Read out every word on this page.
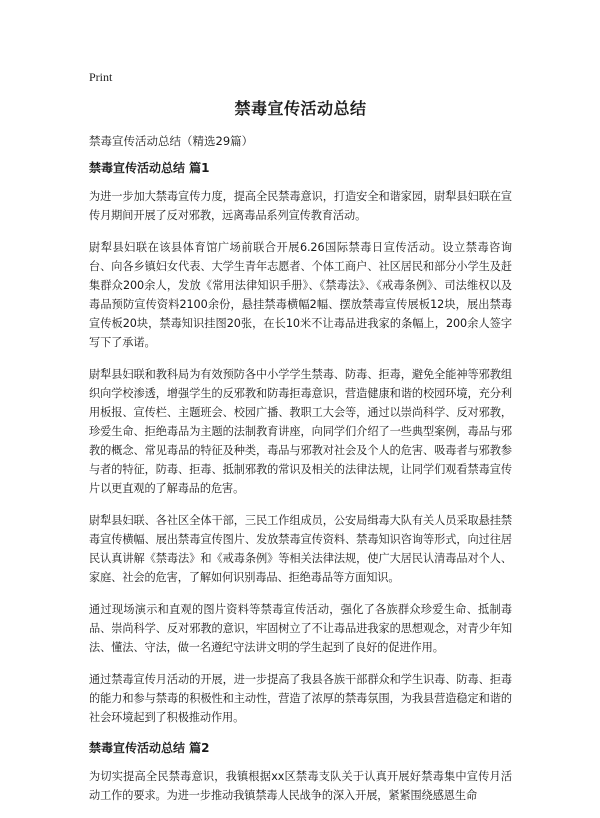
Print
禁毒宣传活动总结

禁毒宣传活动总结（精选29篇）

禁毒宣传活动总结 篇1

为进一步加大禁毒宣传力度，提高全民禁毒意识，打造安全和谐家园，尉犁县妇联在宣传月期间开展了反对邪教，远离毒品系列宣传教育活动。

尉犁县妇联在该县体育馆广场前联合开展6.26国际禁毒日宣传活动。设立禁毒咨询台、向各乡镇妇女代表、大学生青年志愿者、个体工商户、社区居民和部分小学生及赶集群众200余人，发放《常用法律知识手册》、《禁毒法》、《戒毒条例》、司法维权以及毒品预防宣传资料2100余份，悬挂禁毒横幅2幅、摆放禁毒宣传展板12块，展出禁毒宣传板20块，禁毒知识挂图20张，在长10米不让毒品进我家的条幅上，200余人签字写下了承诺。

尉犁县妇联和教科局为有效预防各中小学学生禁毒、防毒、拒毒，避免全能神等邪教组织向学校渗透，增强学生的反邪教和防毒拒毒意识，营造健康和谐的校园环境，充分利用板报、宣传栏、主题班会、校园广播、教职工大会等，通过以崇尚科学、反对邪教，珍爱生命、拒绝毒品为主题的法制教育讲座，向同学们介绍了一些典型案例，毒品与邪教的概念、常见毒品的特征及种类，毒品与邪教对社会及个人的危害、吸毒者与邪教参与者的特征，防毒、拒毒、抵制邪教的常识及相关的法律法规，让同学们观看禁毒宣传片以更直观的了解毒品的危害。

尉犁县妇联、各社区全体干部，三民工作组成员，公安局缉毒大队有关人员采取悬挂禁毒宣传横幅、展出禁毒宣传图片、发放禁毒宣传资料、禁毒知识咨询等形式，向过往居民认真讲解《禁毒法》和《戒毒条例》等相关法律法规，使广大居民认清毒品对个人、家庭、社会的危害，了解如何识别毒品、拒绝毒品等方面知识。

通过现场演示和直观的图片资料等禁毒宣传活动，强化了各族群众珍爱生命、抵制毒品、崇尚科学、反对邪教的意识，牢固树立了不让毒品进我家的思想观念，对青少年知法、懂法、守法，做一名遵纪守法讲文明的学生起到了良好的促进作用。

通过禁毒宣传月活动的开展，进一步提高了我县各族干部群众和学生识毒、防毒、拒毒的能力和参与禁毒的积极性和主动性，营造了浓厚的禁毒氛围，为我县营造稳定和谐的社会环境起到了积极推动作用。

禁毒宣传活动总结 篇2

为切实提高全民禁毒意识，我镇根据xx区禁毒支队关于认真开展好禁毒集中宣传月活动工作的要求。为进一步推动我镇禁毒人民战争的深入开展，紧紧围绕感恩生命
